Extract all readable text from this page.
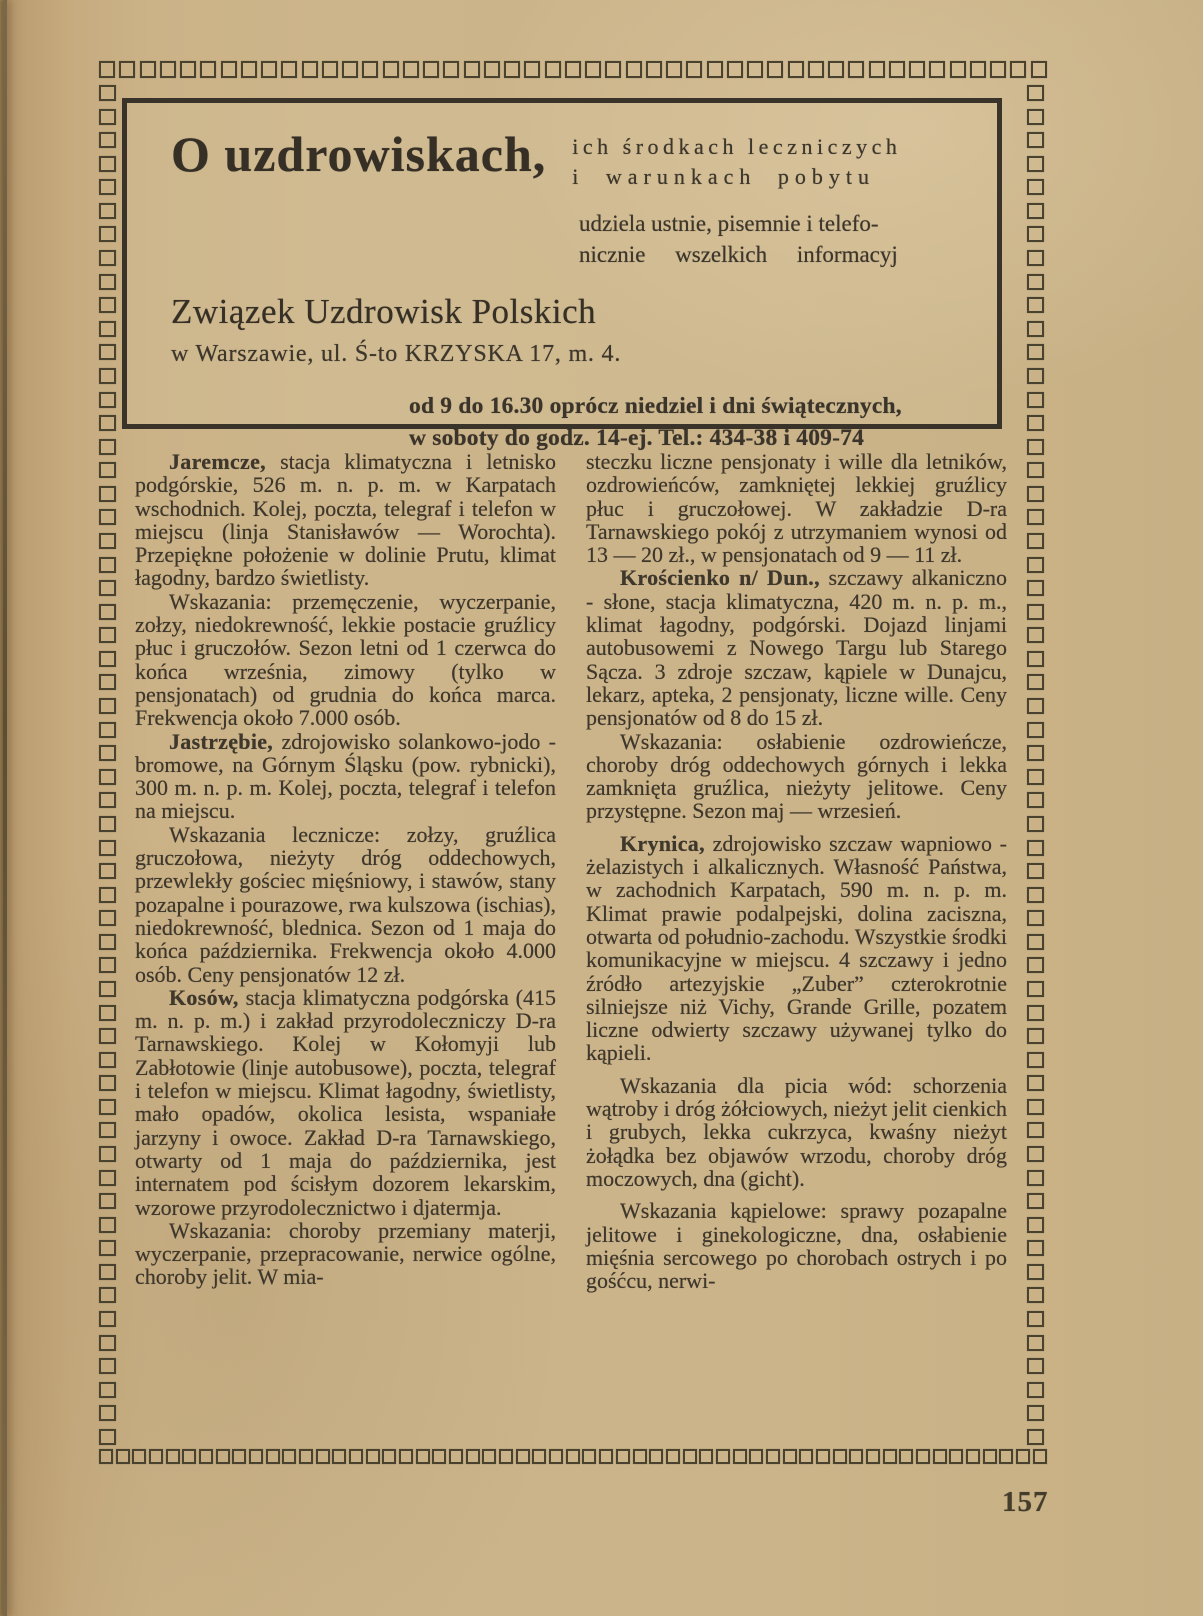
O uzdrowiskach, ich środkach leczniczych
i warunkach pobytu
udziela ustnie, pisemnie i telefo-
nicznie wszelkich informacyj
Związek Uzdrowisk Polskich
w Warszawie, ul. Ś-to KRZYSKA 17, m. 4.
od 9 do 16.30 oprócz niedziel i dni świątecznych,
w soboty do godz. 14-ej. Tel.: 434-38 i 409-74

Jaremcze, stacja klimatyczna i letnisko podgórskie, 526 m. n. p. m. w Karpatach wschodnich. Kolej, poczta, telegraf i telefon w miejscu (linja Stanisławów — Worochta). Przepiękne położenie w dolinie Prutu, klimat łagodny, bardzo świetlisty.

Wskazania: przemęczenie, wyczerpanie, zołzy, niedokrewność, lekkie postacie gruźlicy płuc i gruczołów. Sezon letni od 1 czerwca do końca września, zimowy (tylko w pensjonatach) od grudnia do końca marca. Frekwencja około 7.000 osób.

Jastrzębie, zdrojowisko solankowo-jodo - bromowe, na Górnym Śląsku (pow. rybnicki), 300 m. n. p. m. Kolej, poczta, telegraf i telefon na miejscu.

Wskazania lecznicze: zołzy, gruźlica gruczołowa, nieżyty dróg oddechowych, przewlekły gościec mięśniowy, i stawów, stany pozapalne i pourazowe, rwa kulszowa (ischias), niedokrewność, blednica. Sezon od 1 maja do końca października. Frekwencja około 4.000 osób. Ceny pensjonatów 12 zł.

Kosów, stacja klimatyczna podgórska (415 m. n. p. m.) i zakład przyrodoleczniczy D-ra Tarnawskiego. Kolej w Kołomyji lub Zabłotowie (linje autobusowe), poczta, telegraf i telefon w miejscu. Klimat łagodny, świetlisty, mało opadów, okolica lesista, wspaniałe jarzyny i owoce. Zakład D-ra Tarnawskiego, otwarty od 1 maja do października, jest internatem pod ścisłym dozorem lekarskim, wzorowe przyrodolecznictwo i djatermja.

Wskazania: choroby przemiany materji, wyczerpanie, przepracowanie, nerwice ogólne, choroby jelit. W mia-

steczku liczne pensjonaty i wille dla letników, ozdrowieńców, zamkniętej lekkiej gruźlicy płuc i gruczołowej. W zakładzie D-ra Tarnawskiego pokój z utrzymaniem wynosi od 13 — 20 zł., w pensjonatach od 9 — 11 zł.

Krościenko n/ Dun., szczawy alkaniczno - słone, stacja klimatyczna, 420 m. n. p. m., klimat łagodny, podgórski. Dojazd linjami autobusowemi z Nowego Targu lub Starego Sącza. 3 zdroje szczaw, kąpiele w Dunajcu, lekarz, apteka, 2 pensjonaty, liczne wille. Ceny pensjonatów od 8 do 15 zł.

Wskazania: osłabienie ozdrowieńcze, choroby dróg oddechowych górnych i lekka zamknięta gruźlica, nieżyty jelitowe. Ceny przystępne. Sezon maj — wrzesień.

Krynica, zdrojowisko szczaw wapniowo - żelazistych i alkalicznych. Własność Państwa, w zachodnich Karpatach, 590 m. n. p. m. Klimat prawie podalpejski, dolina zaciszna, otwarta od południo-zachodu. Wszystkie środki komunikacyjne w miejscu. 4 szczawy i jedno źródło artezyjskie „Zuber” czterokrotnie silniejsze niż Vichy, Grande Grille, pozatem liczne odwierty szczawy używanej tylko do kąpieli.

Wskazania dla picia wód: schorzenia wątroby i dróg żółciowych, nieżyt jelit cienkich i grubych, lekka cukrzyca, kwaśny nieżyt żołądka bez objawów wrzodu, choroby dróg moczowych, dna (gicht).

Wskazania kąpielowe: sprawy pozapalne jelitowe i ginekologiczne, dna, osłabienie mięśnia sercowego po chorobach ostrych i po gośćcu, nerwi-

157
